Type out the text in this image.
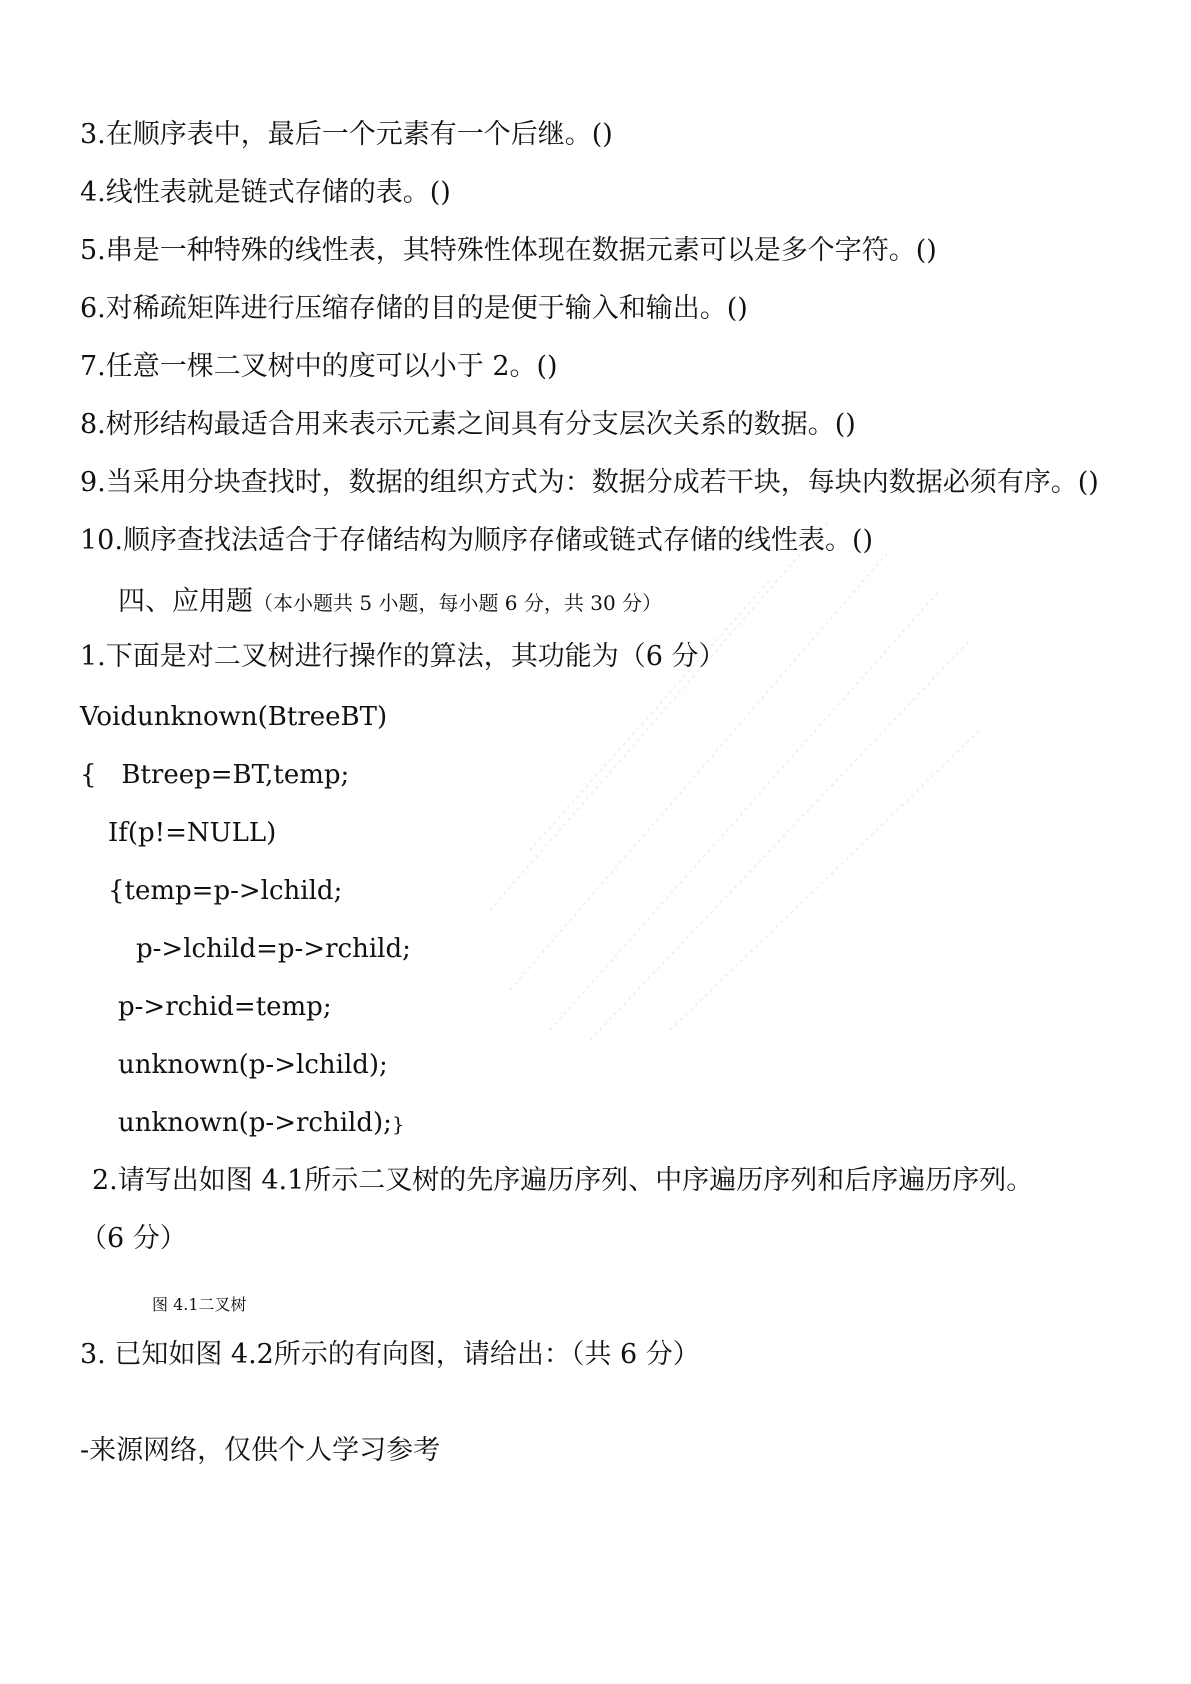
3.在顺序表中，最后一个元素有一个后继。()
4.线性表就是链式存储的表。()
5.串是一种特殊的线性表，其特殊性体现在数据元素可以是多个字符。()
6.对稀疏矩阵进行压缩存储的目的是便于输入和输出。()
7.任意一棵二叉树中的度可以小于 2。()
8.树形结构最适合用来表示元素之间具有分支层次关系的数据。()
9.当采用分块查找时，数据的组织方式为：数据分成若干块，每块内数据必须有序。()
10.顺序查找法适合于存储结构为顺序存储或链式存储的线性表。()
四、应用题（本小题共 5 小题，每小题 6 分，共 30 分）
1.下面是对二叉树进行操作的算法，其功能为（6 分）
Voidunknown(BtreeBT)
{   Btreep=BT,temp;
If(p!=NULL)
{temp=p->lchild;
p->lchild=p->rchild;
p->rchid=temp;
unknown(p->lchild);
unknown(p->rchild);}
2.请写出如图 4.1所示二叉树的先序遍历序列、中序遍历序列和后序遍历序列。
（6 分）
图 4.1二叉树
3. 已知如图 4.2所示的有向图，请给出：（共 6 分）
-来源网络，仅供个人学习参考
